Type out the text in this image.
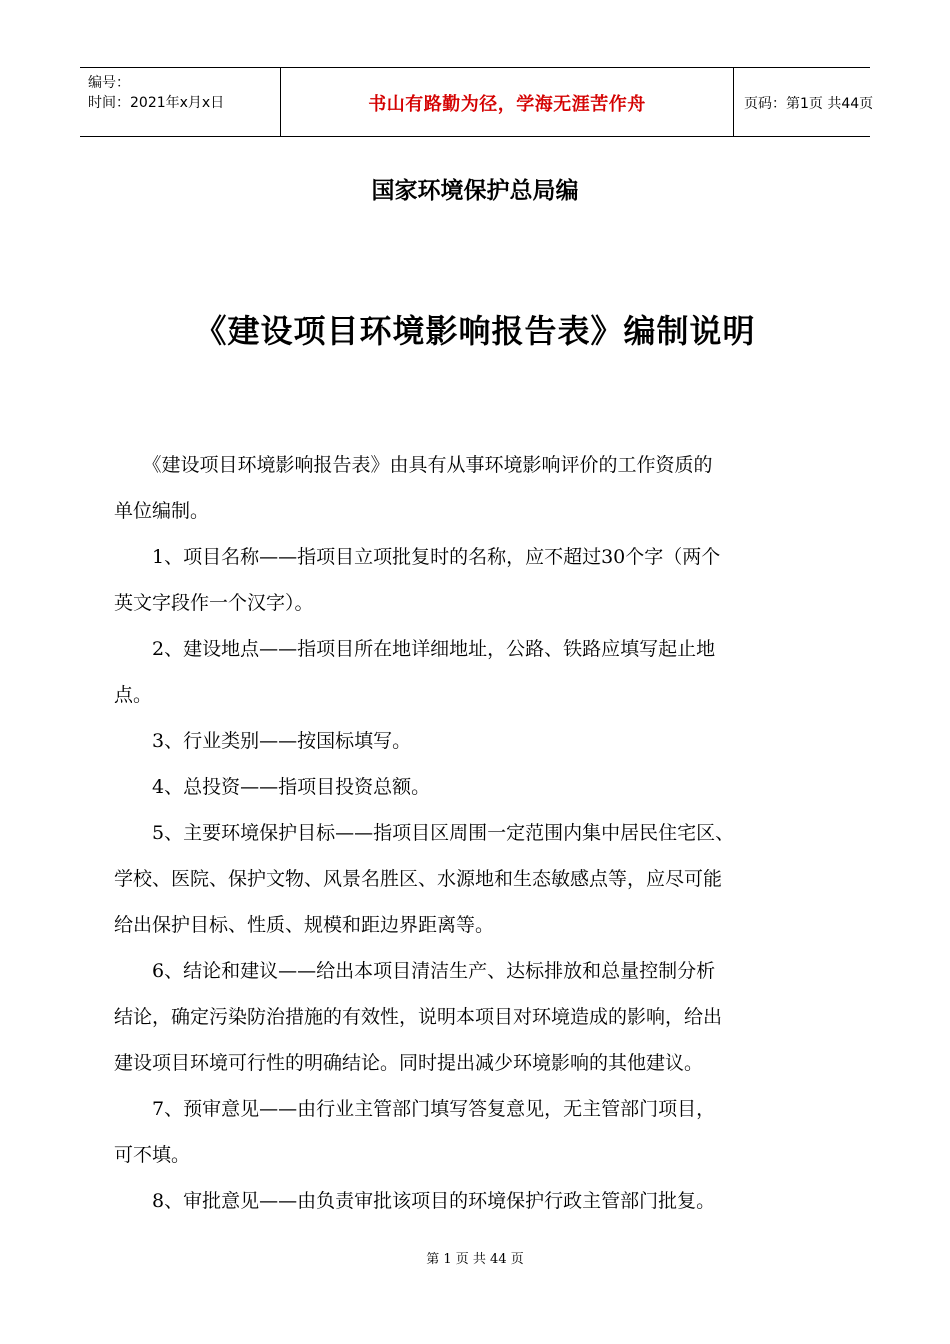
编号：
时间：2021年x月x日	书山有路勤为径，学海无涯苦作舟	页码：第1页 共44页
国家环境保护总局编
《建设项目环境影响报告表》编制说明
　　《建设项目环境影响报告表》由具有从事环境影响评价的工作资质的
单位编制。
　　1、项目名称——指项目立项批复时的名称，应不超过30个字（两个
英文字段作一个汉字）。
　　2、建设地点——指项目所在地详细地址，公路、铁路应填写起止地
点。
　　3、行业类别——按国标填写。
　　4、总投资——指项目投资总额。
　　5、主要环境保护目标——指项目区周围一定范围内集中居民住宅区、
学校、医院、保护文物、风景名胜区、水源地和生态敏感点等，应尽可能
给出保护目标、性质、规模和距边界距离等。
　　6、结论和建议——给出本项目清洁生产、达标排放和总量控制分析
结论，确定污染防治措施的有效性，说明本项目对环境造成的影响，给出
建设项目环境可行性的明确结论。同时提出减少环境影响的其他建议。
　　7、预审意见——由行业主管部门填写答复意见，无主管部门项目，
可不填。
　　8、审批意见——由负责审批该项目的环境保护行政主管部门批复。
第 1 页 共 44 页
